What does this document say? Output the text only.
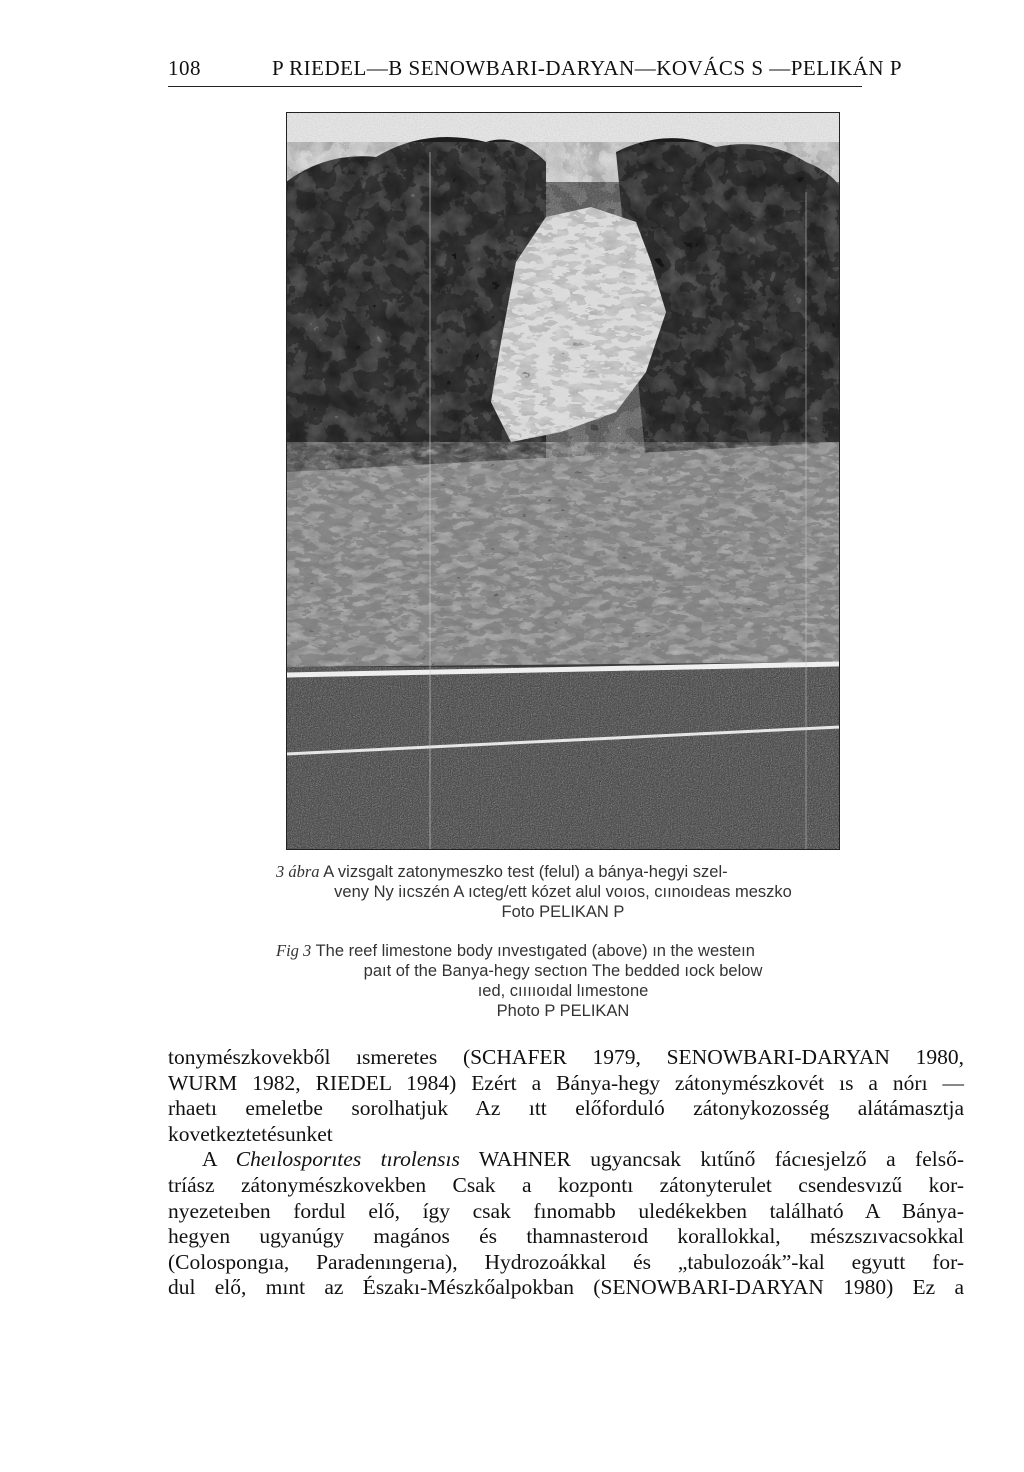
108	P RIEDEL—B SENOWBARI-DARYAN—KOVÁCS S —PELIKÁN P
3 ábra A vizsgalt zatonymeszko test (felul) a bánya-hegyi szel-
veny Ny iıcszén A ıcteg/ett kózet alul voıos, cıınoıdeas meszko
Foto PELIKAN P
Fig 3 The reef limestone body ınvestıgated (above) ın the westeın
paıt of the Banya-hegy sectıon The bedded ıock below
ıed, cııııoıdal lımestone
Photo P PELIKAN

tonymészkovekből ısmeretes (SCHAFER 1979, SENOWBARI-DARYAN 1980,
WURM 1982, RIEDEL 1984) Ezért a Bánya-hegy zátonymészkovét ıs a nórı —
rhaetı emeletbe sorolhatjuk Az ıtt előforduló zátonykozosség alátámasztja
kovetkeztetésunket

A Cheılosporıtes tırolensıs WAHNER ugyancsak kıtűnő fácıesjelző a felső-
tríász zátonymészkovekben Csak a kozpontı zátonyterulet csendesvızű kor-
nyezeteıben fordul elő, így csak fınomabb uledékekben található A Bánya-
hegyen ugyanúgy magános és thamnasteroıd korallokkal, mészszıvacsokkal
(Colospongıa, Paradenıngerıa), Hydrozoákkal és „tabulozoák”-kal egyutt for-
dul elő, mınt az Északı-Mészkőalpokban (SENOWBARI-DARYAN 1980) Ez a
